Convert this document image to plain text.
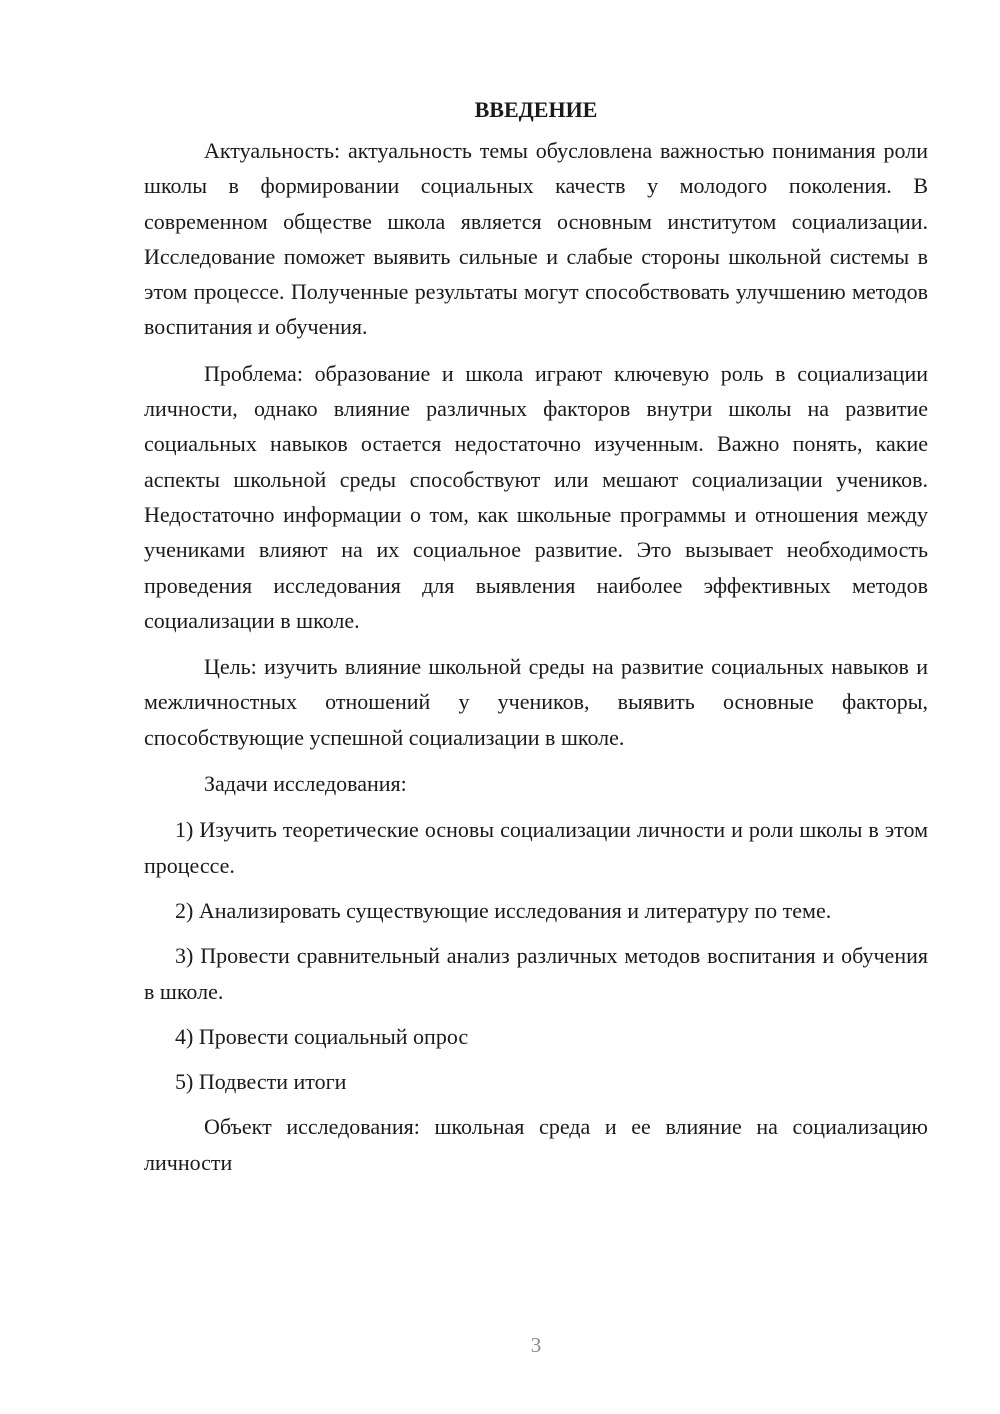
ВВЕДЕНИЕ

Актуальность: актуальность темы обусловлена важностью понимания роли школы в формировании социальных качеств у молодого поколения. В современном обществе школа является основным институтом социализации. Исследование поможет выявить сильные и слабые стороны школьной системы в этом процессе. Полученные результаты могут способствовать улучшению методов воспитания и обучения.

Проблема: образование и школа играют ключевую роль в социализации личности, однако влияние различных факторов внутри школы на развитие социальных навыков остается недостаточно изученным. Важно понять, какие аспекты школьной среды способствуют или мешают социализации учеников. Недостаточно информации о том, как школьные программы и отношения между учениками влияют на их социальное развитие. Это вызывает необходимость проведения исследования для выявления наиболее эффективных методов социализации в школе.

Цель: изучить влияние школьной среды на развитие социальных навыков и межличностных отношений у учеников, выявить основные факторы, способствующие успешной социализации в школе.

Задачи исследования:

1) Изучить теоретические основы социализации личности и роли школы в этом процессе.

2) Анализировать существующие исследования и литературу по теме.

3) Провести сравнительный анализ различных методов воспитания и обучения в школе.

4) Провести социальный опрос

5) Подвести итоги

Объект исследования: школьная среда и ее влияние на социализацию личности

3
